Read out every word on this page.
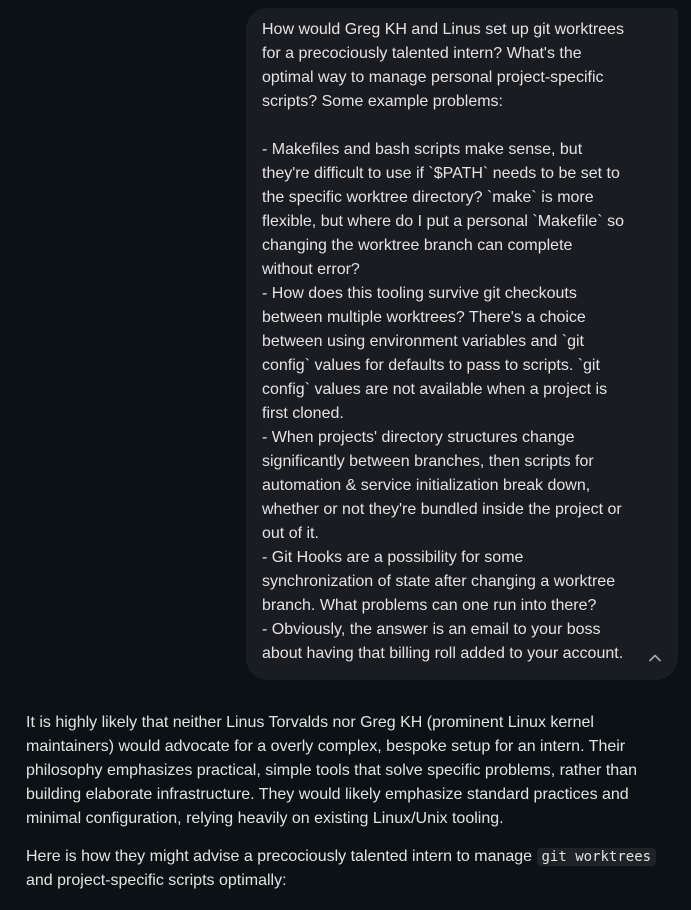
How would Greg KH and Linus set up git worktrees
for a precociously talented intern? What's the
optimal way to manage personal project-specific
scripts? Some example problems:

- Makefiles and bash scripts make sense, but
they're difficult to use if `$PATH` needs to be set to
the specific worktree directory? `make` is more
flexible, but where do I put a personal `Makefile` so
changing the worktree branch can complete
without error?
- How does this tooling survive git checkouts
between multiple worktrees? There's a choice
between using environment variables and `git
config` values for defaults to pass to scripts. `git
config` values are not available when a project is
first cloned.
- When projects' directory structures change
significantly between branches, then scripts for
automation & service initialization break down,
whether or not they're bundled inside the project or
out of it.
- Git Hooks are a possibility for some
synchronization of state after changing a worktree
branch. What problems can one run into there?
- Obviously, the answer is an email to your boss
about having that billing roll added to your account.

It is highly likely that neither Linus Torvalds nor Greg KH (prominent Linux kernel
maintainers) would advocate for a overly complex, bespoke setup for an intern. Their
philosophy emphasizes practical, simple tools that solve specific problems, rather than
building elaborate infrastructure. They would likely emphasize standard practices and
minimal configuration, relying heavily on existing Linux/Unix tooling.

Here is how they might advise a precociously talented intern to manage git worktrees
and project-specific scripts optimally:
